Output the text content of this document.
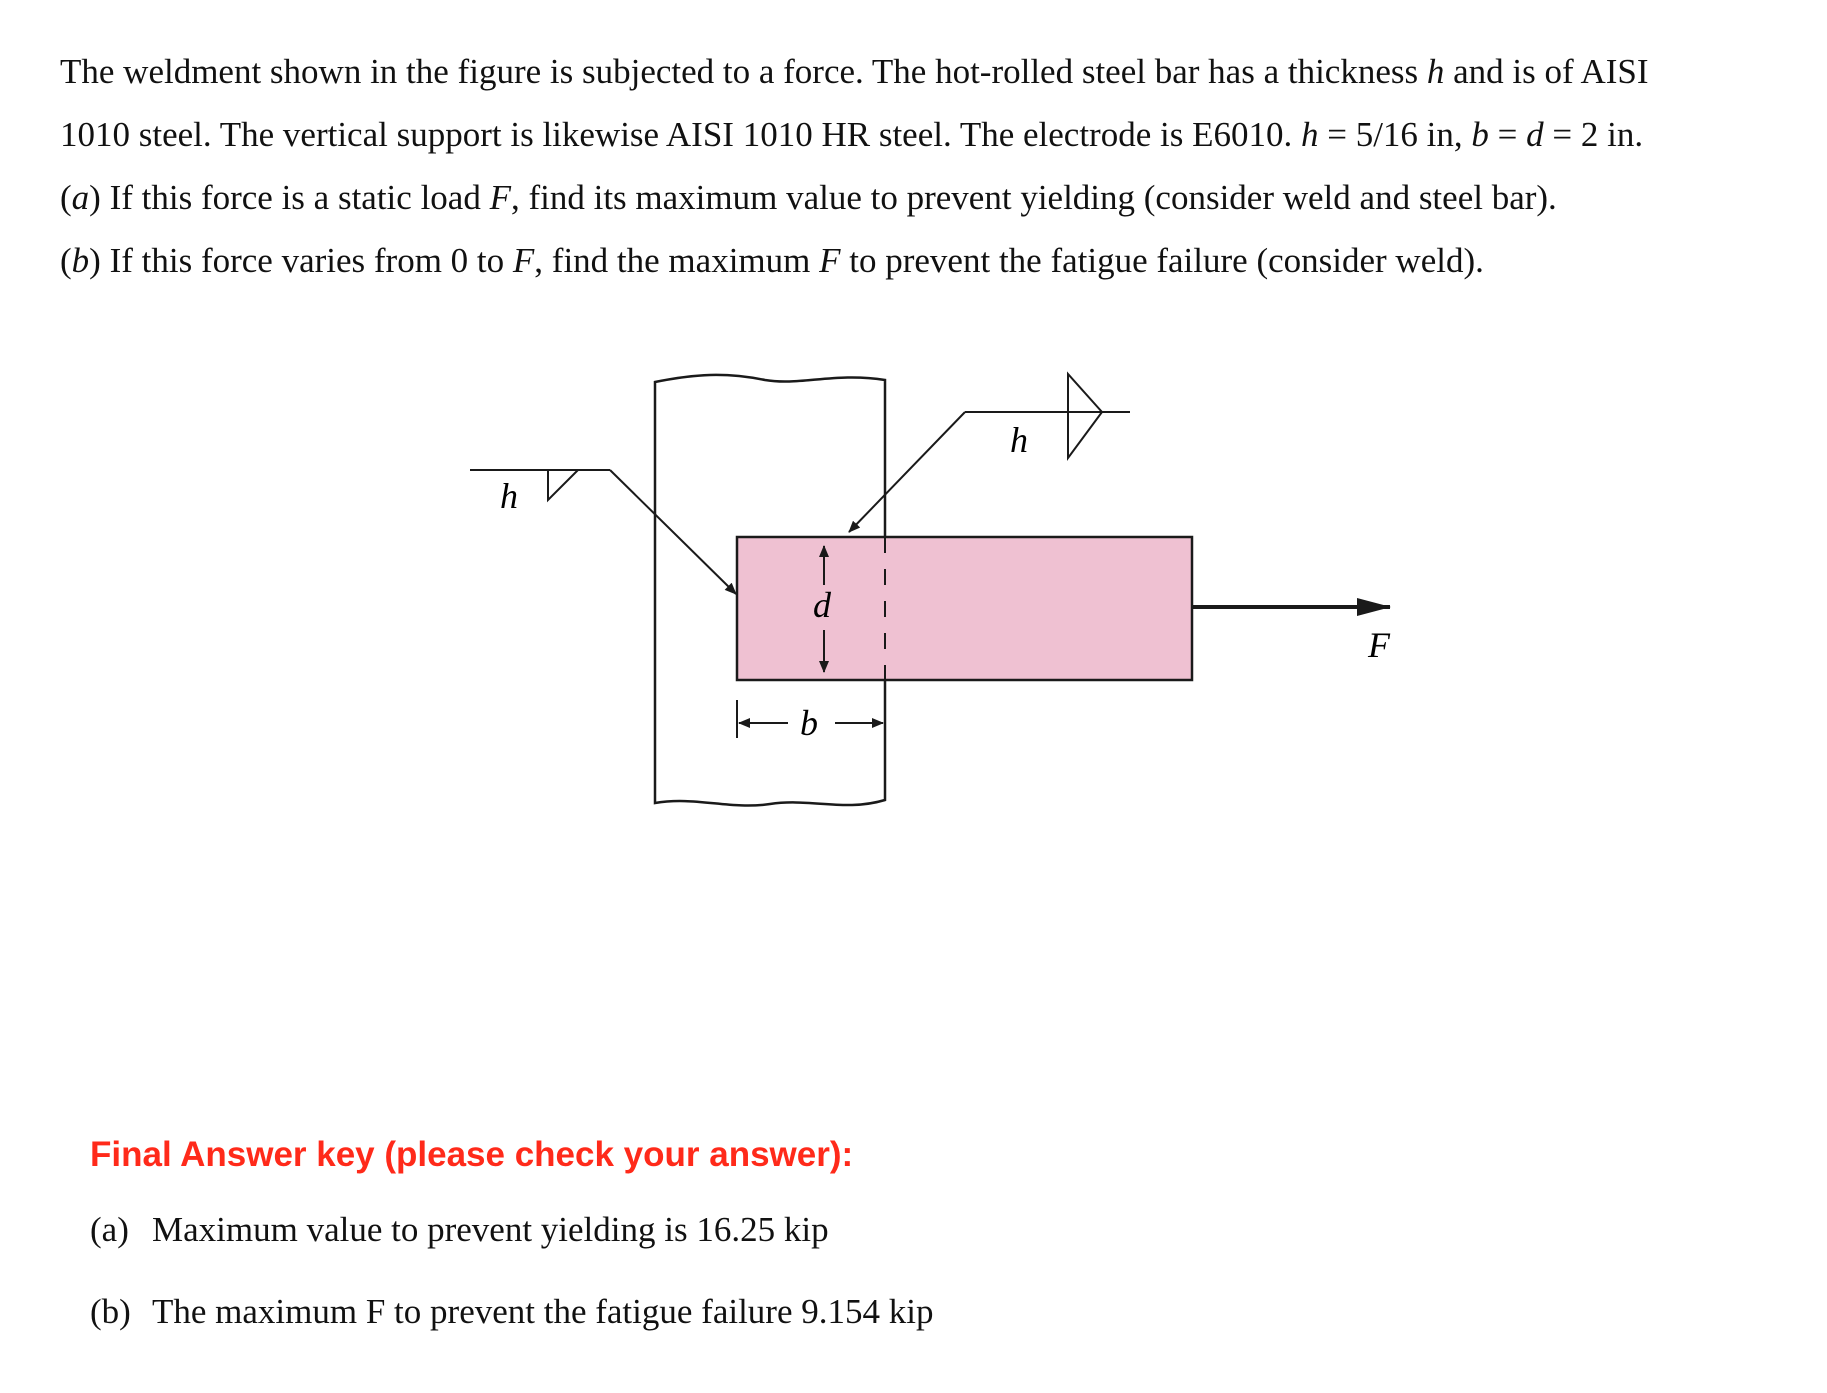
The weldment shown in the figure is subjected to a force. The hot-rolled steel bar has a thickness h and is of AISI

1010 steel. The vertical support is likewise AISI 1010 HR steel. The electrode is E6010. h = 5/16 in, b = d = 2 in.

(a) If this force is a static load F, find its maximum value to prevent yielding (consider weld and steel bar).

(b) If this force varies from 0 to F, find the maximum F to prevent the fatigue failure (consider weld).

F
d
b
h
h
Final Answer key (please check your answer):
(a) Maximum value to prevent yielding is 16.25 kip
(b) The maximum F to prevent the fatigue failure 9.154 kip
